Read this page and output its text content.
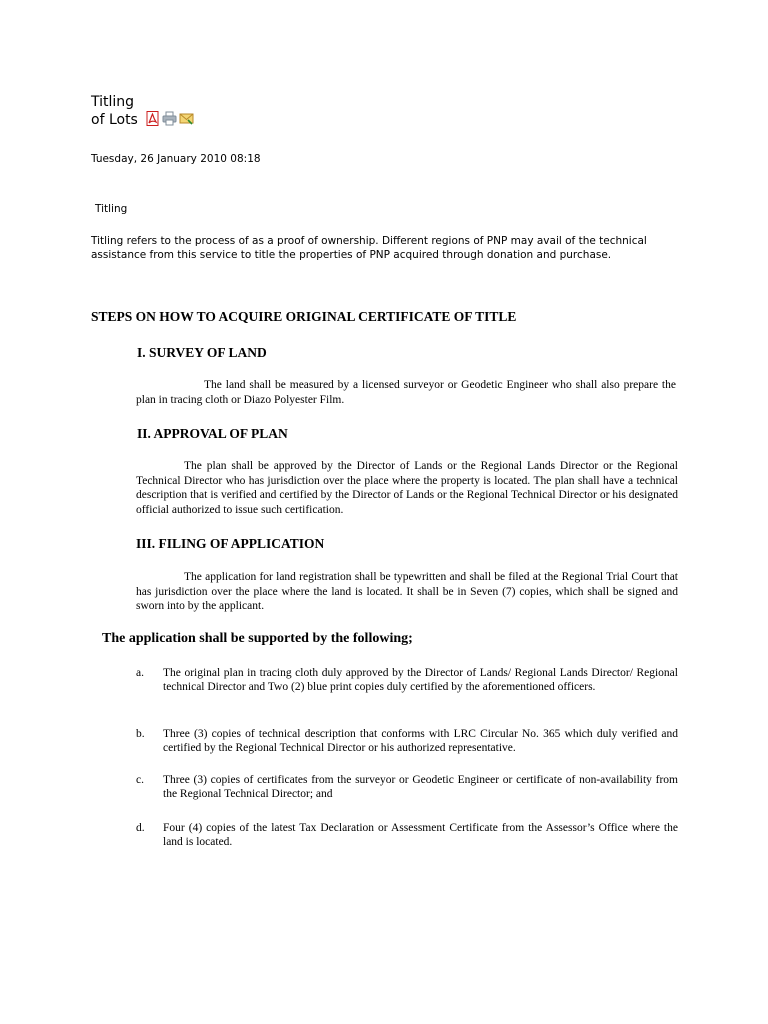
Titling of Lots
Tuesday, 26 January 2010 08:18
Titling

Titling refers to the process of as a proof of ownership. Different regions of PNP may avail of the technical assistance from this service to title the properties of PNP acquired through donation and purchase.

STEPS ON HOW TO ACQUIRE ORIGINAL CERTIFICATE OF TITLE
I. SURVEY OF LAND

The land shall be measured by a licensed surveyor or Geodetic Engineer who shall also prepare the plan in tracing cloth or Diazo Polyester Film.

II. APPROVAL OF PLAN

The plan shall be approved by the Director of Lands or the Regional Lands Director or the Regional Technical Director who has jurisdiction over the place where the property is located. The plan shall have a technical description that is verified and certified by the Director of Lands or the Regional Technical Director or his designated official authorized to issue such certification.

III. FILING OF APPLICATION

The application for land registration shall be typewritten and shall be filed at the Regional Trial Court that has jurisdiction over the place where the land is located. It shall be in Seven (7) copies, which shall be signed and sworn into by the applicant.

The application shall be supported by the following;
a. The original plan in tracing cloth duly approved by the Director of Lands/ Regional Lands Director/ Regional technical Director and Two (2) blue print copies duly certified by the aforementioned officers.
b. Three (3) copies of technical description that conforms with LRC Circular No. 365 which duly verified and certified by the Regional Technical Director or his authorized representative.
c. Three (3) copies of certificates from the surveyor or Geodetic Engineer or certificate of non-availability from the Regional Technical Director; and
d. Four (4) copies of the latest Tax Declaration or Assessment Certificate from the Assessor’s Office where the land is located.
